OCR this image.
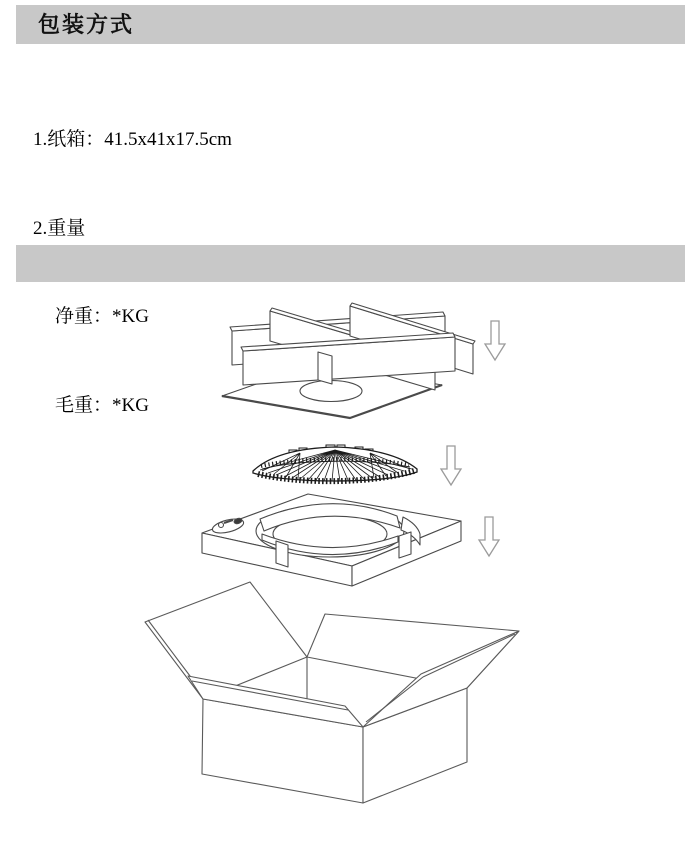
包装方式

1.纸箱：41.5x41x17.5cm

2.重量

净重：*KG

毛重：*KG
